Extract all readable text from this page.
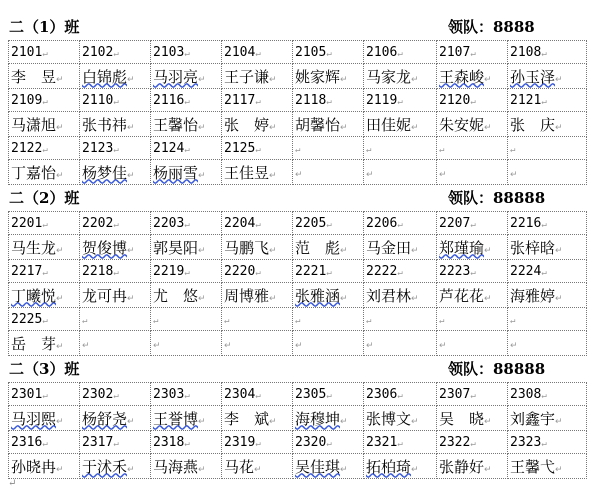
二（1）班	领队：8888
2101↵	2102↵	2103↵	2104↵	2105↵	2106↵	2107↵	2108↵
李　昱↵	白锦彪↵	马羽亮↵	王子谦↵	姚家辉↵	马家龙↵	王森峻↵	孙玉泽↵
2109↵	2110↵	2116↵	2117↵	2118↵	2119↵	2120↵	2121↵
马潇旭↵	张书祎↵	王馨怡↵	张　婷↵	胡馨怡↵	田佳妮↵	朱安妮↵	张　庆↵
2122↵	2123↵	2124↵	2125↵	↵	↵	↵	↵
丁嘉怡↵	杨梦佳↵	杨丽雪↵	王佳昱↵	↵	↵	↵	↵
二（2）班	领队：88888
2201↵	2202↵	2203↵	2204↵	2205↵	2206↵	2207↵	2216↵
马生龙↵	贺俊博↵	郭昊阳↵	马鹏飞↵	范　彪↵	马金田↵	郑瑾瑜↵	张梓晗↵
2217↵	2218↵	2219↵	2220↵	2221↵	2222↵	2223↵	2224↵
丁曦悦↵	龙可冉↵	尤　悠↵	周博雅↵	张雅涵↵	刘君林↵	芦花花↵	海雅婷↵
2225↵	↵	↵	↵	↵	↵	↵	↵
岳　芽↵	↵	↵	↵	↵	↵	↵	↵
二（3）班	领队：88888
2301↵	2302↵	2303↵	2304↵	2305↵	2306↵	2307↵	2308↵
马羽熙↵	杨舒尧↵	王誉博↵	李　斌↵	海穆坤↵	张博文↵	吴　晓↵	刘鑫宇↵
2316↵	2317↵	2318↵	2319↵	2320↵	2321↵	2322↵	2323↵
孙晓冉↵	于沭禾↵	马海燕↵	马花↵	吴佳琪↵	拓柏琦↵	张静好↵	王馨弋↵
↵
